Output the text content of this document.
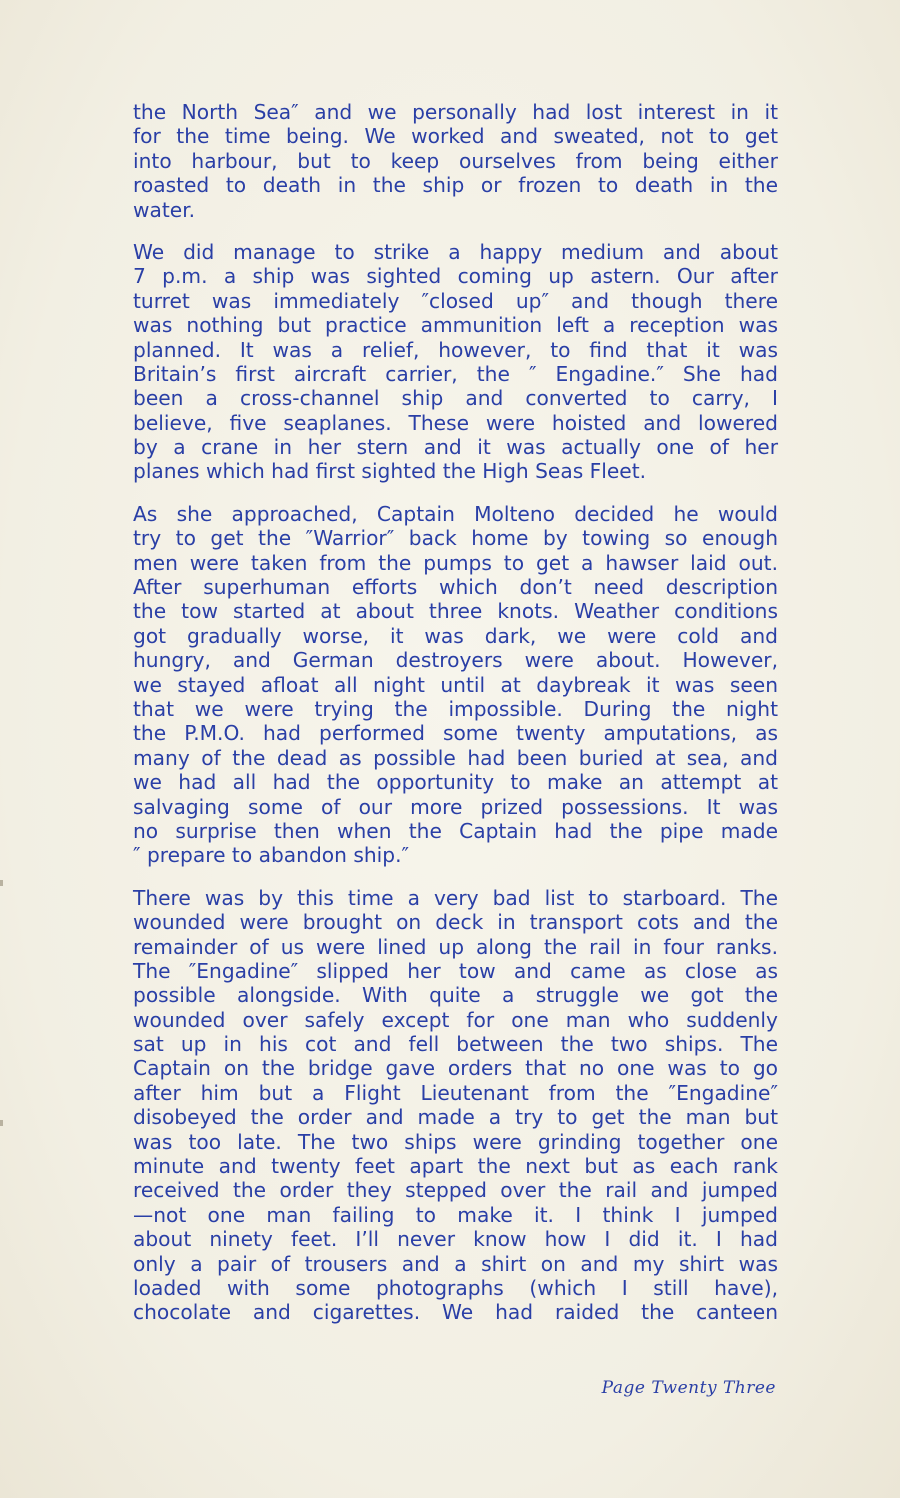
the North Sea″ and we personally had lost interest in it
for the time being. We worked and sweated, not to get
into harbour, but to keep ourselves from being either
roasted to death in the ship or frozen to death in the
water.
We did manage to strike a happy medium and about
7 p.m. a ship was sighted coming up astern. Our after
turret was immediately ″closed up″ and though there
was nothing but practice ammunition left a reception was
planned. It was a relief, however, to find that it was
Britain’s first aircraft carrier, the ″ Engadine.″ She had
been a cross-channel ship and converted to carry, I
believe, five seaplanes. These were hoisted and lowered
by a crane in her stern and it was actually one of her
planes which had first sighted the High Seas Fleet.
As she approached, Captain Molteno decided he would
try to get the ″Warrior″ back home by towing so enough
men were taken from the pumps to get a hawser laid out.
After superhuman efforts which don’t need description
the tow started at about three knots. Weather conditions
got gradually worse, it was dark, we were cold and
hungry, and German destroyers were about. However,
we stayed afloat all night until at daybreak it was seen
that we were trying the impossible. During the night
the P.M.O. had performed some twenty amputations, as
many of the dead as possible had been buried at sea, and
we had all had the opportunity to make an attempt at
salvaging some of our more prized possessions. It was
no surprise then when the Captain had the pipe made
″ prepare to abandon ship.″
There was by this time a very bad list to starboard. The
wounded were brought on deck in transport cots and the
remainder of us were lined up along the rail in four ranks.
The ″Engadine″ slipped her tow and came as close as
possible alongside. With quite a struggle we got the
wounded over safely except for one man who suddenly
sat up in his cot and fell between the two ships. The
Captain on the bridge gave orders that no one was to go
after him but a Flight Lieutenant from the ″Engadine″
disobeyed the order and made a try to get the man but
was too late. The two ships were grinding together one
minute and twenty feet apart the next but as each rank
received the order they stepped over the rail and jumped
—not one man failing to make it. I think I jumped
about ninety feet. I’ll never know how I did it. I had
only a pair of trousers and a shirt on and my shirt was
loaded with some photographs (which I still have),
chocolate and cigarettes. We had raided the canteen
Page Twenty Three
